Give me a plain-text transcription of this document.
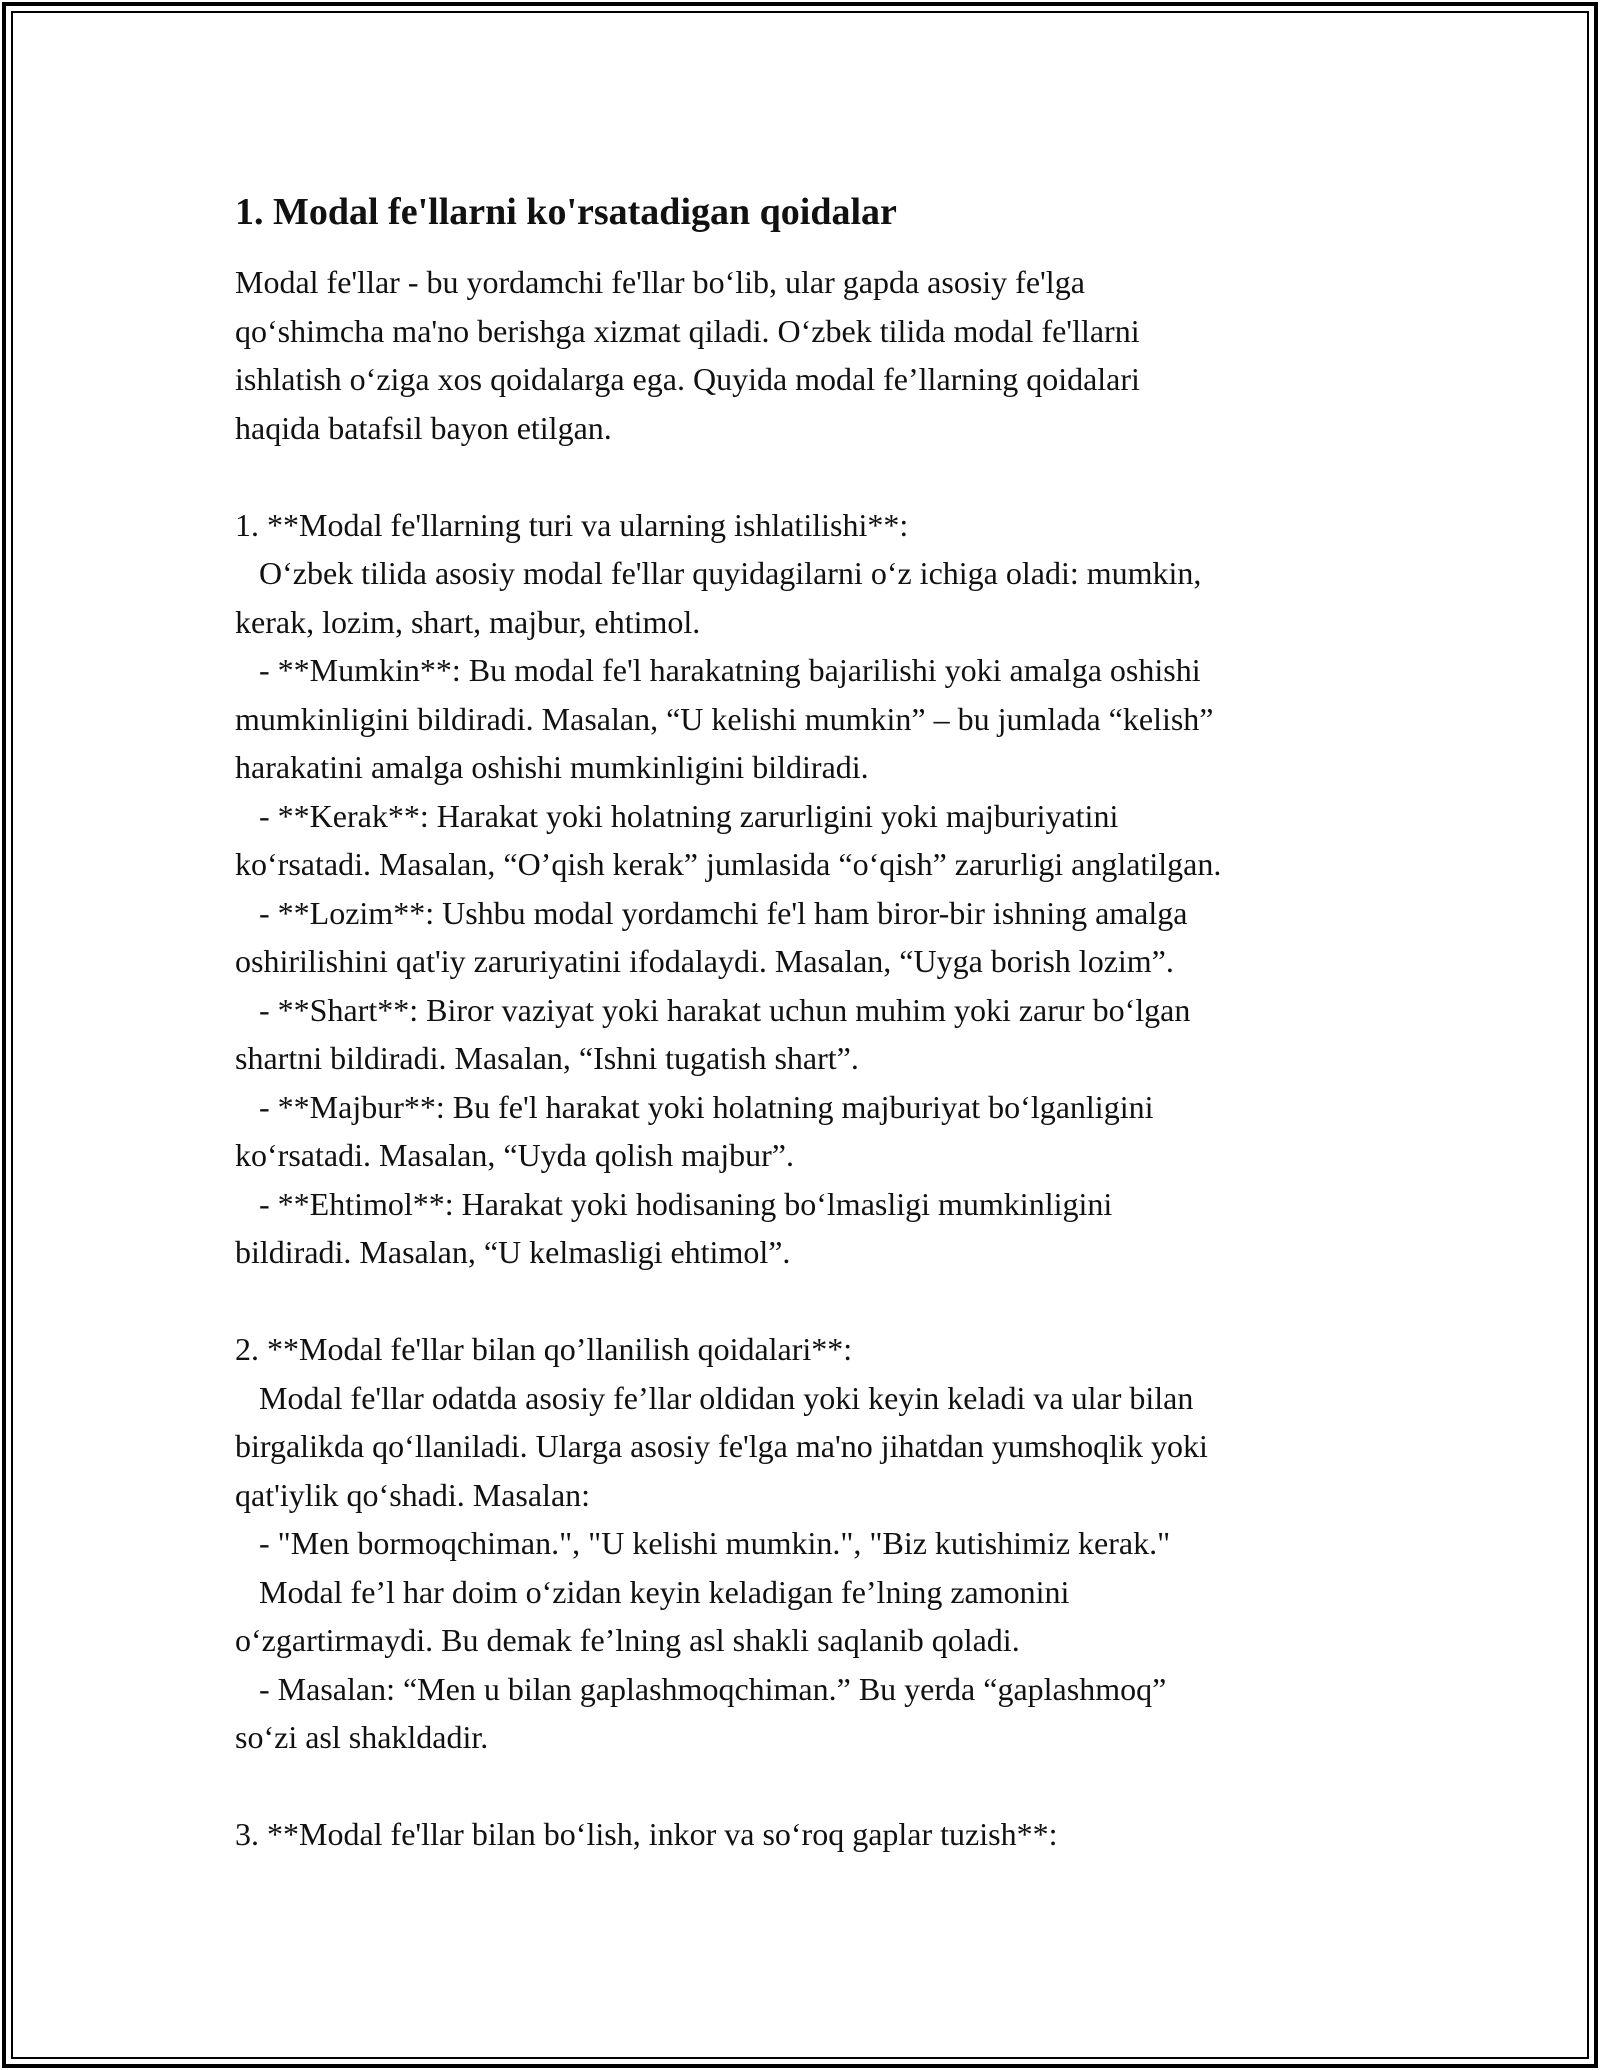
1. Modal fe'llarni ko'rsatadigan qoidalar
Modal fe'llar - bu yordamchi fe'llar bo‘lib, ular gapda asosiy fe'lga
qo‘shimcha ma'no berishga xizmat qiladi. O‘zbek tilida modal fe'llarni
ishlatish o‘ziga xos qoidalarga ega. Quyida modal fe’llarning qoidalari
haqida batafsil bayon etilgan.
1. **Modal fe'llarning turi va ularning ishlatilishi**:
O‘zbek tilida asosiy modal fe'llar quyidagilarni o‘z ichiga oladi: mumkin,
kerak, lozim, shart, majbur, ehtimol.
- **Mumkin**: Bu modal fe'l harakatning bajarilishi yoki amalga oshishi
mumkinligini bildiradi. Masalan, “U kelishi mumkin” – bu jumlada “kelish”
harakatini amalga oshishi mumkinligini bildiradi.
- **Kerak**: Harakat yoki holatning zarurligini yoki majburiyatini
ko‘rsatadi. Masalan, “O’qish kerak” jumlasida “o‘qish” zarurligi anglatilgan.
- **Lozim**: Ushbu modal yordamchi fe'l ham biror-bir ishning amalga
oshirilishini qat'iy zaruriyatini ifodalaydi. Masalan, “Uyga borish lozim”.
- **Shart**: Biror vaziyat yoki harakat uchun muhim yoki zarur bo‘lgan
shartni bildiradi. Masalan, “Ishni tugatish shart”.
- **Majbur**: Bu fe'l harakat yoki holatning majburiyat bo‘lganligini
ko‘rsatadi. Masalan, “Uyda qolish majbur”.
- **Ehtimol**: Harakat yoki hodisaning bo‘lmasligi mumkinligini
bildiradi. Masalan, “U kelmasligi ehtimol”.
2. **Modal fe'llar bilan qo’llanilish qoidalari**:
Modal fe'llar odatda asosiy fe’llar oldidan yoki keyin keladi va ular bilan
birgalikda qo‘llaniladi. Ularga asosiy fe'lga ma'no jihatdan yumshoqlik yoki
qat'iylik qo‘shadi. Masalan:
- "Men bormoqchiman.", "U kelishi mumkin.", "Biz kutishimiz kerak."
Modal fe’l har doim o‘zidan keyin keladigan fe’lning zamonini
o‘zgartirmaydi. Bu demak fe’lning asl shakli saqlanib qoladi.
- Masalan: “Men u bilan gaplashmoqchiman.” Bu yerda “gaplashmoq”
so‘zi asl shakldadir.
3. **Modal fe'llar bilan bo‘lish, inkor va so‘roq gaplar tuzish**:
